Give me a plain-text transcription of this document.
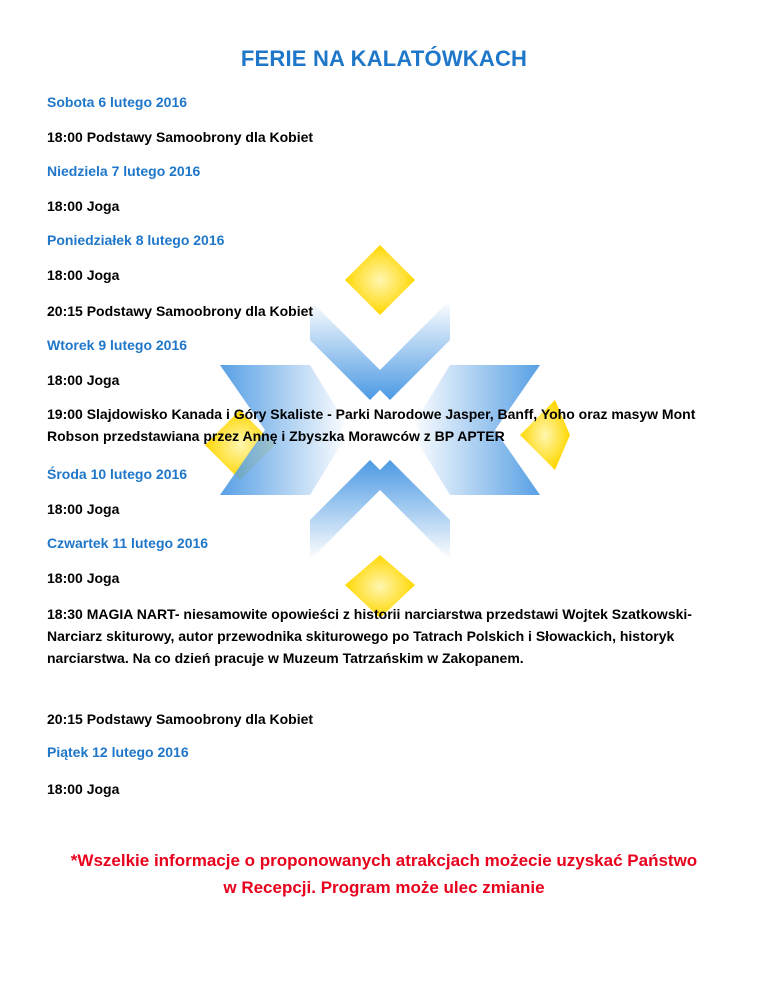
FERIE NA KALATÓWKACH
Sobota 6 lutego 2016
18:00 Podstawy Samoobrony dla Kobiet
Niedziela 7 lutego 2016
18:00 Joga
Poniedziałek 8 lutego 2016
18:00 Joga
20:15 Podstawy Samoobrony dla Kobiet
Wtorek 9 lutego 2016
18:00 Joga
19:00 Slajdowisko Kanada i Góry Skaliste - Parki Narodowe Jasper, Banff, Yoho oraz masyw Mont Robson przedstawiana przez Annę i Zbyszka Morawców z BP APTER
Środa 10 lutego 2016
18:00 Joga
Czwartek 11 lutego 2016
18:00 Joga
18:30 MAGIA NART- niesamowite opowieści z historii narciarstwa przedstawi Wojtek Szatkowski- Narciarz skiturowy, autor przewodnika skiturowego po Tatrach Polskich i Słowackich, historyk narciarstwa. Na co dzień pracuje w Muzeum Tatrzańskim w Zakopanem.
20:15 Podstawy Samoobrony dla Kobiet
Piątek 12 lutego 2016
18:00 Joga
*Wszelkie informacje o proponowanych atrakcjach możecie uzyskać Państwo
w Recepcji. Program może ulec zmianie
